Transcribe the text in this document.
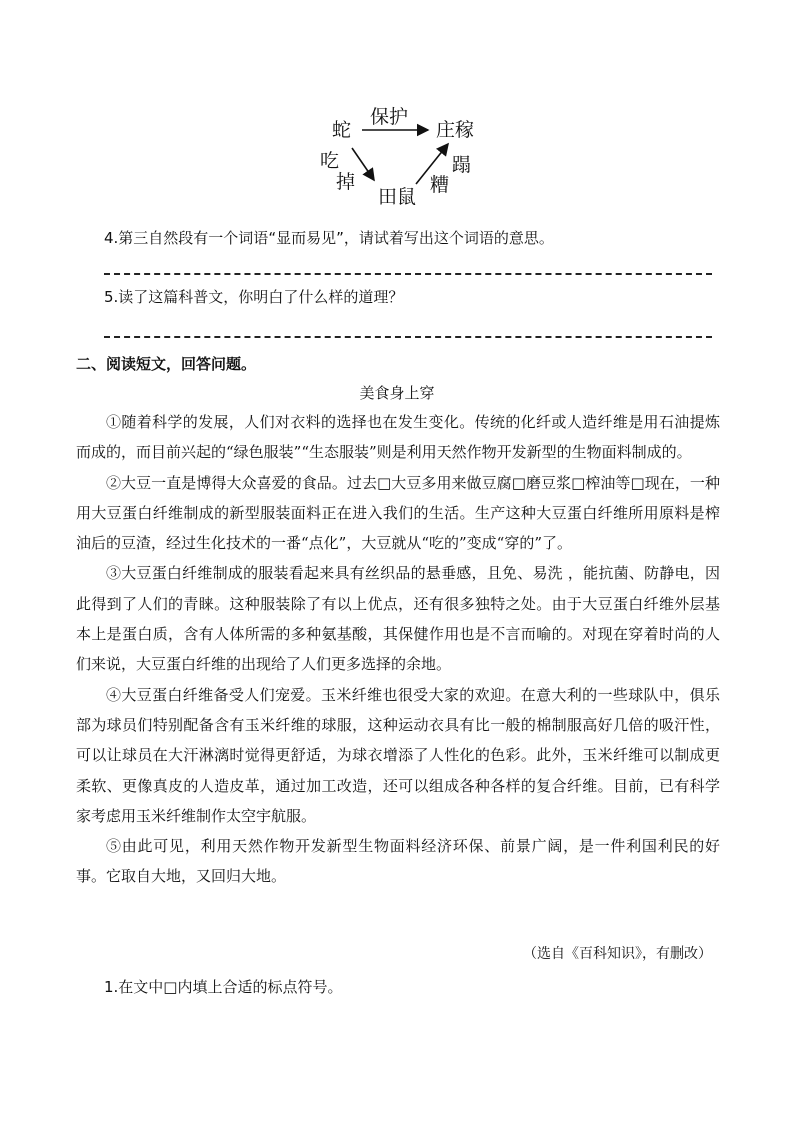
蛇
保护
庄稼
吃
掉
田鼠
蹋
糟
4.第三自然段有一个词语“显而易见”，请试着写出这个词语的意思。
5.读了这篇科普文，你明白了什么样的道理？
二、阅读短文，回答问题。
美食身上穿

①随着科学的发展，人们对衣料的选择也在发生变化。传统的化纤或人造纤维是用石油提炼而成的，而目前兴起的“绿色服装”“生态服装”则是利用天然作物开发新型的生物面料制成的。

②大豆一直是博得大众喜爱的食品。过去□大豆多用来做豆腐□磨豆浆□榨油等□现在，一种用大豆蛋白纤维制成的新型服装面料正在进入我们的生活。生产这种大豆蛋白纤维所用原料是榨油后的豆渣，经过生化技术的一番“点化”，大豆就从“吃的”变成“穿的”了。

③大豆蛋白纤维制成的服装看起来具有丝织品的悬垂感，且免、易洗 ，能抗菌、防静电，因此得到了人们的青睐。这种服装除了有以上优点，还有很多独特之处。由于大豆蛋白纤维外层基本上是蛋白质，含有人体所需的多种氨基酸，其保健作用也是不言而喻的。对现在穿着时尚的人们来说，大豆蛋白纤维的出现给了人们更多选择的余地。

④大豆蛋白纤维备受人们宠爱。玉米纤维也很受大家的欢迎。在意大利的一些球队中，俱乐部为球员们特别配备含有玉米纤维的球服，这种运动衣具有比一般的棉制服高好几倍的吸汗性，可以让球员在大汗淋漓时觉得更舒适，为球衣增添了人性化的色彩。此外，玉米纤维可以制成更柔软、更像真皮的人造皮革，通过加工改造，还可以组成各种各样的复合纤维。目前，已有科学家考虑用玉米纤维制作太空宇航服。

⑤由此可见，利用天然作物开发新型生物面料经济环保、前景广阔，是一件利国利民的好事。它取自大地，又回归大地。

（选自《百科知识》，有删改）
1.在文中□内填上合适的标点符号。
